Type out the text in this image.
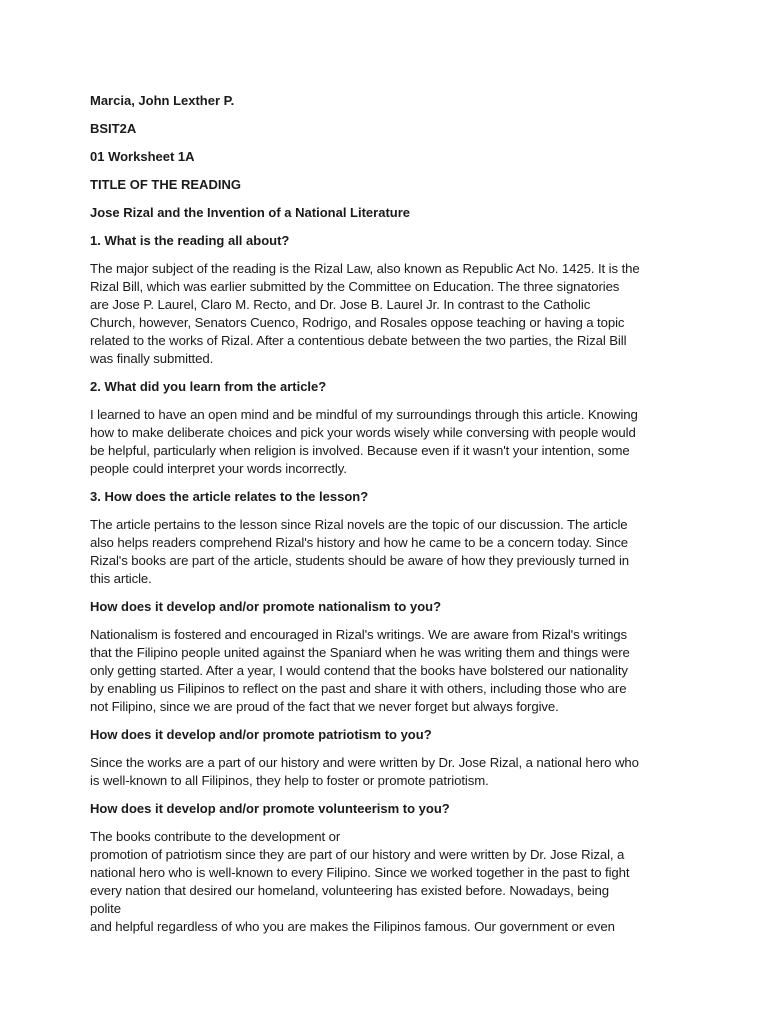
Marcia, John Lexther P.
BSIT2A
01 Worksheet 1A
TITLE OF THE READING
Jose Rizal and the Invention of a National Literature
1. What is the reading all about?
The major subject of the reading is the Rizal Law, also known as Republic Act No. 1425. It is the
Rizal Bill, which was earlier submitted by the Committee on Education. The three signatories
are Jose P. Laurel, Claro M. Recto, and Dr. Jose B. Laurel Jr. In contrast to the Catholic
Church, however, Senators Cuenco, Rodrigo, and Rosales oppose teaching or having a topic
related to the works of Rizal. After a contentious debate between the two parties, the Rizal Bill
was finally submitted.
2. What did you learn from the article?
I learned to have an open mind and be mindful of my surroundings through this article. Knowing
how to make deliberate choices and pick your words wisely while conversing with people would
be helpful, particularly when religion is involved. Because even if it wasn't your intention, some
people could interpret your words incorrectly.
3. How does the article relates to the lesson?
The article pertains to the lesson since Rizal novels are the topic of our discussion. The article
also helps readers comprehend Rizal's history and how he came to be a concern today. Since
Rizal's books are part of the article, students should be aware of how they previously turned in
this article.
How does it develop and/or promote nationalism to you?
Nationalism is fostered and encouraged in Rizal's writings. We are aware from Rizal's writings
that the Filipino people united against the Spaniard when he was writing them and things were
only getting started. After a year, I would contend that the books have bolstered our nationality
by enabling us Filipinos to reflect on the past and share it with others, including those who are
not Filipino, since we are proud of the fact that we never forget but always forgive.
How does it develop and/or promote patriotism to you?
Since the works are a part of our history and were written by Dr. Jose Rizal, a national hero who
is well-known to all Filipinos, they help to foster or promote patriotism.
How does it develop and/or promote volunteerism to you?
The books contribute to the development or
promotion of patriotism since they are part of our history and were written by Dr. Jose Rizal, a
national hero who is well-known to every Filipino. Since we worked together in the past to fight
every nation that desired our homeland, volunteering has existed before. Nowadays, being
polite
and helpful regardless of who you are makes the Filipinos famous. Our government or even
